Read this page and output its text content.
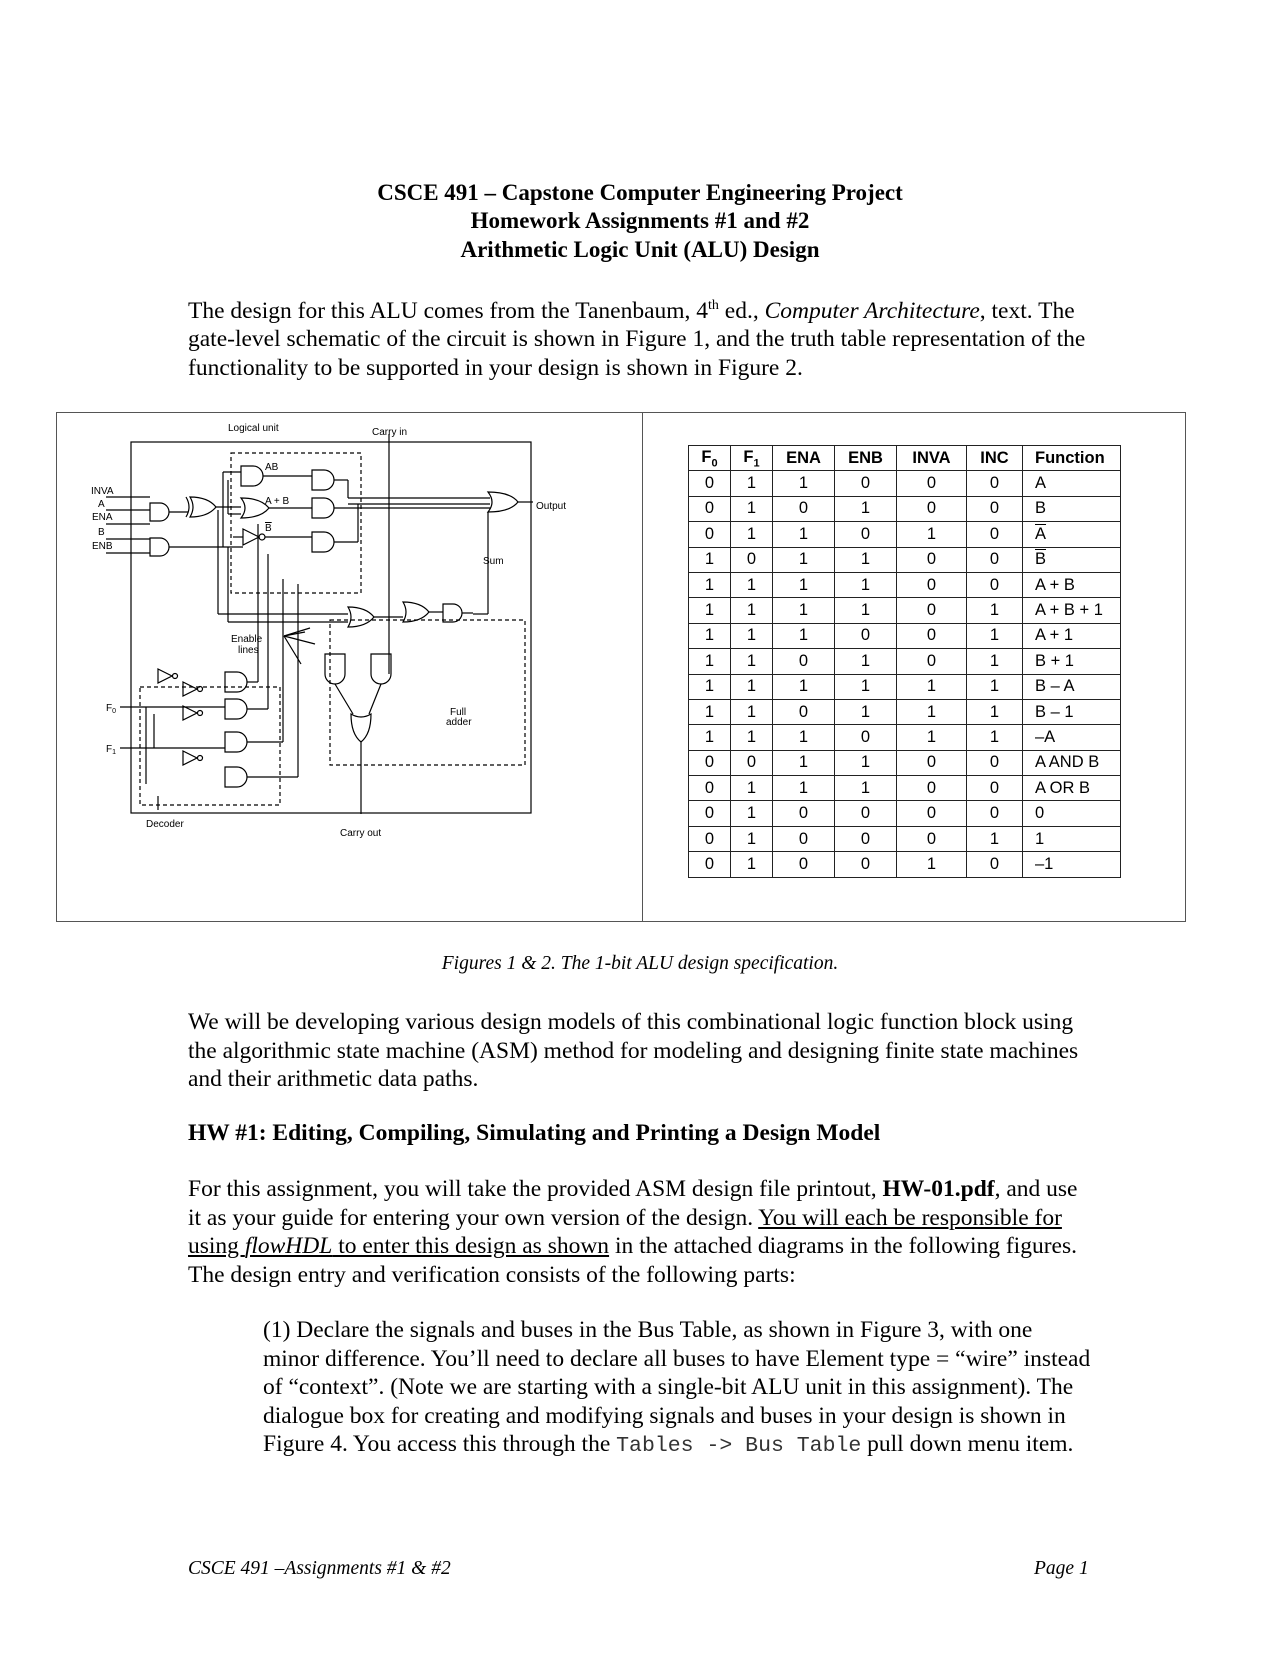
CSCE 491 – Capstone Computer Engineering Project
Homework Assignments #1 and #2
Arithmetic Logic Unit (ALU) Design

The design for this ALU comes from the Tanenbaum, 4th ed., Computer Architecture, text. The gate-level schematic of the circuit is shown in Figure 1, and the truth table representation of the functionality to be supported in your design is shown in Figure 2.

Logical unit	Carry in
AB
A + B
B
INVA
A
ENA
B
ENB
Output
Sum
Enable
lines
Full
adder
$F_0$
$F_1$
Decoder
Carry out
$F_0$	$F_1$	ENA	ENB	INVA	INC	Function
0	1	1	0	0	0	A
0	1	0	1	0	0	B
0	1	1	0	1	0	$\overline{A}$
1	0	1	1	0	0	$\overline{B}$
1	1	1	1	0	0	A + B
1	1	1	1	0	1	A + B + 1
1	1	1	0	0	1	A + 1
1	1	0	1	0	1	B + 1
1	1	1	1	1	1	B – A
1	1	0	1	1	1	B – 1
1	1	1	0	1	1	–A
0	0	1	1	0	0	A AND B
0	1	1	1	0	0	A OR B
0	1	0	0	0	0	0
0	1	0	0	0	1	1
0	1	0	0	1	0	–1
Figures 1 & 2. The 1-bit ALU design specification.

We will be developing various design models of this combinational logic function block using the algorithmic state machine (ASM) method for modeling and designing finite state machines and their arithmetic data paths.

HW #1: Editing, Compiling, Simulating and Printing a Design Model

For this assignment, you will take the provided ASM design file printout, HW-01.pdf, and use it as your guide for entering your own version of the design. You will each be responsible for using flowHDL to enter this design as shown in the attached diagrams in the following figures. The design entry and verification consists of the following parts:

(1) Declare the signals and buses in the Bus Table, as shown in Figure 3, with one minor difference. You’ll need to declare all buses to have Element type = “wire” instead of “context”. (Note we are starting with a single-bit ALU unit in this assignment). The dialogue box for creating and modifying signals and buses in your design is shown in Figure 4. You access this through the Tables -> Bus Table pull down menu item.

CSCE 491 –Assignments #1 & #2	Page 1
